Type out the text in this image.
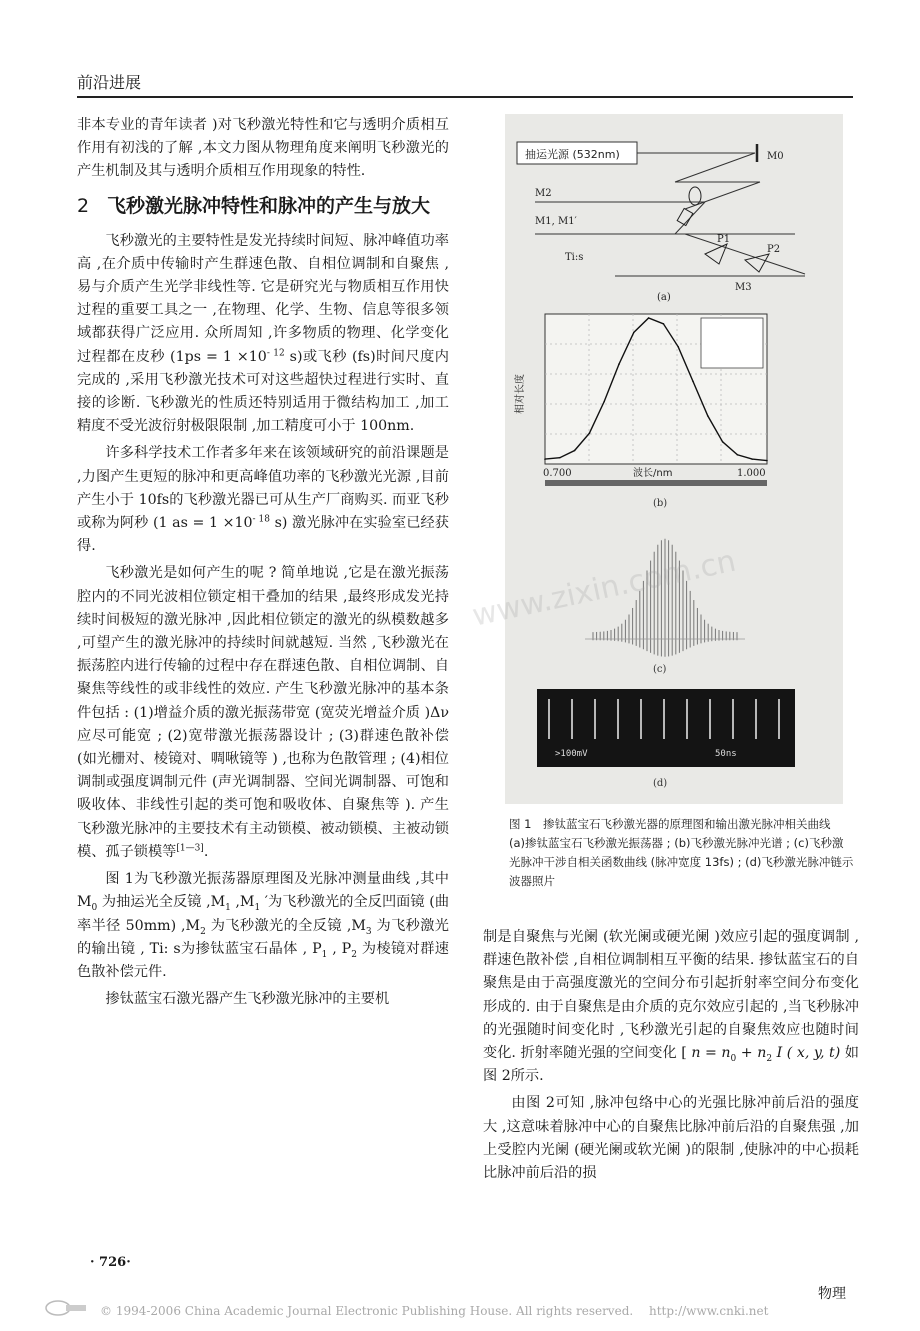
前沿进展

非本专业的青年读者 )对飞秒激光特性和它与透明介质相互作用有初浅的了解 ,本文力图从物理角度来阐明飞秒激光的产生机制及其与透明介质相互作用现象的特性.

2 飞秒激光脉冲特性和脉冲的产生与放大

飞秒激光的主要特性是发光持续时间短、脉冲峰值功率高 ,在介质中传输时产生群速色散、自相位调制和自聚焦 ,易与介质产生光学非线性等. 它是研究光与物质相互作用快过程的重要工具之一 ,在物理、化学、生物、信息等很多领域都获得广泛应用. 众所周知 ,许多物质的物理、化学变化过程都在皮秒 ($1ps = 1 \times 10^{- 12}$ s)或飞秒 (fs)时间尺度内完成的 ,采用飞秒激光技术可对这些超快过程进行实时、直接的诊断. 飞秒激光的性质还特别适用于微结构加工 ,加工精度不受光波衍射极限限制 ,加工精度可小于 100nm.

许多科学技术工作者多年来在该领域研究的前沿课题是 ,力图产生更短的脉冲和更高峰值功率的飞秒激光光源 ,目前产生小于 10fs的飞秒激光器已可从生产厂商购买. 而亚飞秒或称为阿秒 (1 as = $1 \times 10^{- 18}$ s) 激光脉冲在实验室已经获得.

飞秒激光是如何产生的呢 ? 简单地说 ,它是在激光振荡腔内的不同光波相位锁定相干叠加的结果 ,最终形成发光持续时间极短的激光脉冲 ,因此相位锁定的激光的纵模数越多 ,可望产生的激光脉冲的持续时间就越短. 当然 ,飞秒激光在振荡腔内进行传输的过程中存在群速色散、自相位调制、自聚焦等线性的或非线性的效应. 产生飞秒激光脉冲的基本条件包括 : (1)增益介质的激光振荡带宽 (宽荧光增益介质 )Δν 应尽可能宽 ; (2)宽带激光振荡器设计 ; (3)群速色散补偿 (如光栅对、棱镜对、啁啾镜等 ) ,也称为色散管理 ; (4)相位调制或强度调制元件 (声光调制器、空间光调制器、可饱和吸收体、非线性引起的类可饱和吸收体、自聚焦等 ). 产生飞秒激光脉冲的主要技术有主动锁模、被动锁模、主被动锁模、孤子锁模等[1—3].

图 1为飞秒激光振荡器原理图及光脉冲测量曲线 ,其中 $M_0$ 为抽运光全反镜 $,M_1$ $,M_1$ ′为飞秒激光的全反凹面镜 (曲率半径 50mm) $,M_2$ 为飞秒激光的全反镜 $,M_3$ 为飞秒激光的输出镜 , Ti: s为掺钛蓝宝石晶体 , $P_1$ , $P_2$ 为棱镜对群速色散补偿元件.

掺钛蓝宝石激光器产生飞秒激光脉冲的主要机

抽运光源 (532nm)	M0
M2
M1, M1′
P1
P2
Ti:s
M3
(a)
相对长度
0.700	1.000
波长/nm
(b)
(c)
>100mV	50ns
(d)
www.zixin.com.cn
图 1　掺钛蓝宝石飞秒激光器的原理图和输出激光脉冲相关曲线　(a)掺钛蓝宝石飞秒激光振荡器 ; (b)飞秒激光脉冲光谱 ; (c)飞秒激光脉冲干涉自相关函数曲线 (脉冲宽度 13fs) ; (d)飞秒激光脉冲链示波器照片

制是自聚焦与光阑 (软光阑或硬光阑 )效应引起的强度调制 ,群速色散补偿 ,自相位调制相互平衡的结果. 掺钛蓝宝石的自聚焦是由于高强度激光的空间分布引起折射率空间分布变化形成的. 由于自聚焦是由介质的克尔效应引起的 ,当飞秒脉冲的光强随时间变化时 ,飞秒激光引起的自聚焦效应也随时间变化. 折射率随光强的空间变化 [ $n = n_0 + n_2$ I ( x, y, t) 如图 2所示.

由图 2可知 ,脉冲包络中心的光强比脉冲前后沿的强度大 ,这意味着脉冲中心的自聚焦比脉冲前后沿的自聚焦强 ,加上受腔内光阑 (硬光阑或软光阑 )的限制 ,使脉冲的中心损耗比脉冲前后沿的损

· 726·
物理
© 1994-2006 China Academic Journal Electronic Publishing House. All rights reserved.　 http://www.cnki.net
